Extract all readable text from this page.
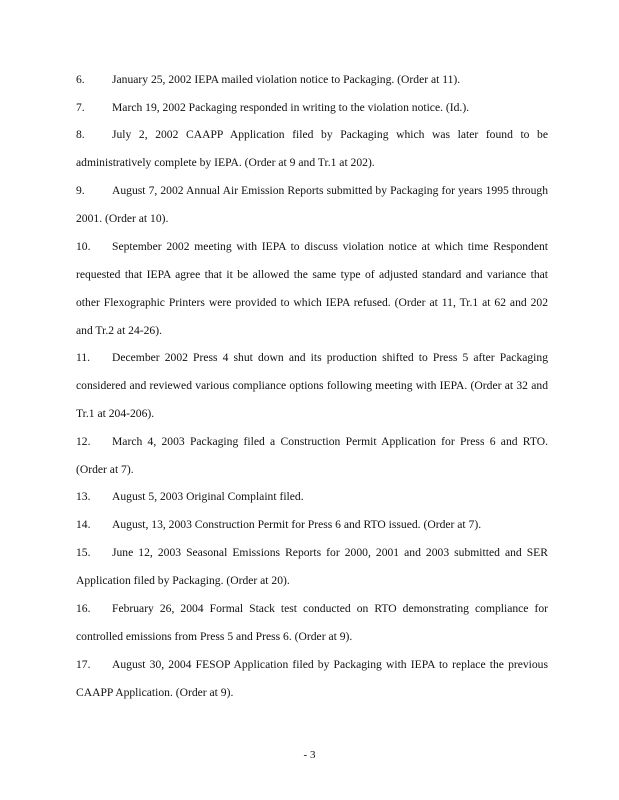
6. January 25, 2002 IEPA mailed violation notice to Packaging. (Order at 11).

7. March 19, 2002 Packaging responded in writing to the violation notice. (Id.).

8. July 2, 2002 CAAPP Application filed by Packaging which was later found to be administratively complete by IEPA. (Order at 9 and Tr.1 at 202).

9. August 7, 2002 Annual Air Emission Reports submitted by Packaging for years 1995 through 2001. (Order at 10).

10. September 2002 meeting with IEPA to discuss violation notice at which time Respondent requested that IEPA agree that it be allowed the same type of adjusted standard and variance that other Flexographic Printers were provided to which IEPA refused. (Order at 11, Tr.1 at 62 and 202 and Tr.2 at 24-26).

11. December 2002 Press 4 shut down and its production shifted to Press 5 after Packaging considered and reviewed various compliance options following meeting with IEPA. (Order at 32 and Tr.1 at 204-206).

12. March 4, 2003 Packaging filed a Construction Permit Application for Press 6 and RTO. (Order at 7).

13. August 5, 2003 Original Complaint filed.

14. August, 13, 2003 Construction Permit for Press 6 and RTO issued. (Order at 7).

15. June 12, 2003 Seasonal Emissions Reports for 2000, 2001 and 2003 submitted and SER Application filed by Packaging. (Order at 20).

16. February 26, 2004 Formal Stack test conducted on RTO demonstrating compliance for controlled emissions from Press 5 and Press 6. (Order at 9).

17. August 30, 2004 FESOP Application filed by Packaging with IEPA to replace the previous CAAPP Application. (Order at 9).

- 3
